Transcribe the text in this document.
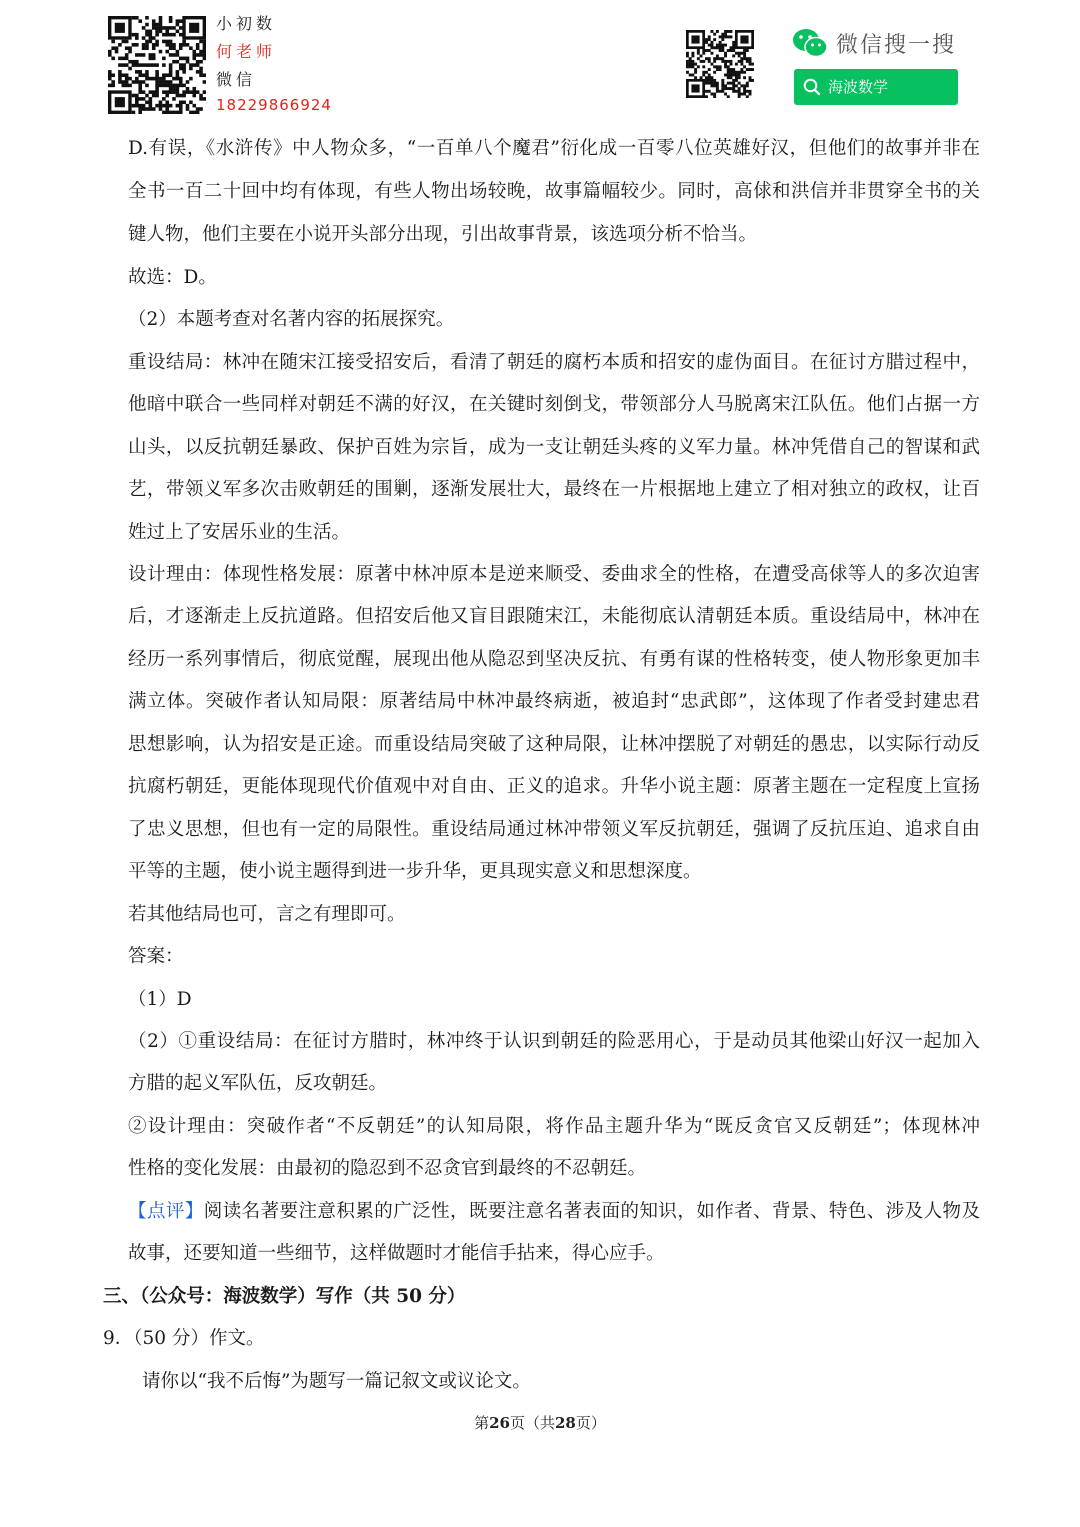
小初数
何老师
微信
18229866924
微信搜一搜
海波数学
D.有误，《水浒传》中人物众多，“一百单八个魔君”衍化成一百零八位英雄好汉，但他们的故事并非在
全书一百二十回中均有体现，有些人物出场较晚，故事篇幅较少。同时，高俅和洪信并非贯穿全书的关
键人物，他们主要在小说开头部分出现，引出故事背景，该选项分析不恰当。
故选：D。
（2）本题考查对名著内容的拓展探究。
重设结局：林冲在随宋江接受招安后，看清了朝廷的腐朽本质和招安的虚伪面目。在征讨方腊过程中，
他暗中联合一些同样对朝廷不满的好汉，在关键时刻倒戈，带领部分人马脱离宋江队伍。他们占据一方
山头，以反抗朝廷暴政、保护百姓为宗旨，成为一支让朝廷头疼的义军力量。林冲凭借自己的智谋和武
艺，带领义军多次击败朝廷的围剿，逐渐发展壮大，最终在一片根据地上建立了相对独立的政权，让百
姓过上了安居乐业的生活。
设计理由：体现性格发展：原著中林冲原本是逆来顺受、委曲求全的性格，在遭受高俅等人的多次迫害
后，才逐渐走上反抗道路。但招安后他又盲目跟随宋江，未能彻底认清朝廷本质。重设结局中，林冲在
经历一系列事情后，彻底觉醒，展现出他从隐忍到坚决反抗、有勇有谋的性格转变，使人物形象更加丰
满立体。突破作者认知局限：原著结局中林冲最终病逝，被追封“忠武郎”，这体现了作者受封建忠君
思想影响，认为招安是正途。而重设结局突破了这种局限，让林冲摆脱了对朝廷的愚忠，以实际行动反
抗腐朽朝廷，更能体现现代价值观中对自由、正义的追求。升华小说主题：原著主题在一定程度上宣扬
了忠义思想，但也有一定的局限性。重设结局通过林冲带领义军反抗朝廷，强调了反抗压迫、追求自由
平等的主题，使小说主题得到进一步升华，更具现实意义和思想深度。
若其他结局也可，言之有理即可。
答案：
（1）D
（2）①重设结局：在征讨方腊时，林冲终于认识到朝廷的险恶用心，于是动员其他梁山好汉一起加入
方腊的起义军队伍，反攻朝廷。
②设计理由：突破作者“不反朝廷”的认知局限，将作品主题升华为“既反贪官又反朝廷”；体现林冲
性格的变化发展：由最初的隐忍到不忍贪官到最终的不忍朝廷。
【点评】阅读名著要注意积累的广泛性，既要注意名著表面的知识，如作者、背景、特色、涉及人物及
故事，还要知道一些细节，这样做题时才能信手拈来，得心应手。
三、（公众号：海波数学）写作（共 50 分）
9．（50 分）作文。
请你以“我不后悔”为题写一篇记叙文或议论文。
第26页（共28页）
